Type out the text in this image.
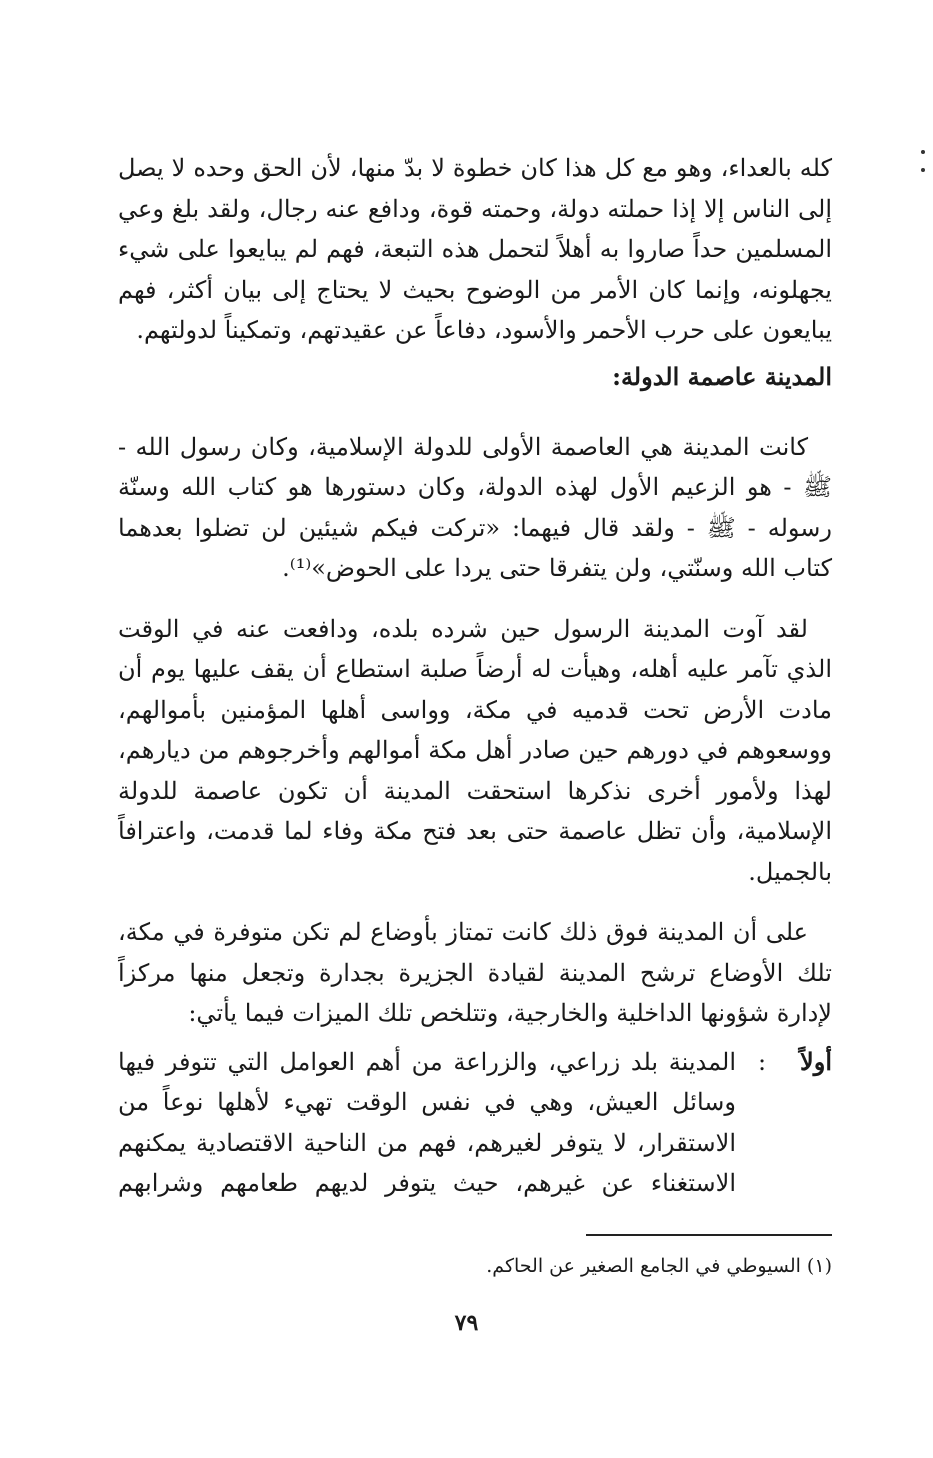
كله بالعداء، وهو مع كل هذا كان خطوة لا بدّ منها، لأن الحق وحده لا يصل إلى الناس إلا إذا حملته دولة، وحمته قوة، ودافع عنه رجال، ولقد بلغ وعي المسلمين حداً صاروا به أهلاً لتحمل هذه التبعة، فهم لم يبايعوا على شيء يجهلونه، وإنما كان الأمر من الوضوح بحيث لا يحتاج إلى بيان أكثر، فهم يبايعون على حرب الأحمر والأسود، دفاعاً عن عقيدتهم، وتمكيناً لدولتهم.

المدينة عاصمة الدولة:

كانت المدينة هي العاصمة الأولى للدولة الإسلامية، وكان رسول الله - ﷺ - هو الزعيم الأول لهذه الدولة، وكان دستورها هو كتاب الله وسنّة رسوله - ﷺ - ولقد قال فيهما: «تركت فيكم شيئين لن تضلوا بعدهما كتاب الله وسنّتي، ولن يتفرقا حتى يردا على الحوض»⁽¹⁾.

لقد آوت المدينة الرسول حين شرده بلده، ودافعت عنه في الوقت الذي تآمر عليه أهله، وهيأت له أرضاً صلبة استطاع أن يقف عليها يوم أن مادت الأرض تحت قدميه في مكة، وواسى أهلها المؤمنين بأموالهم، ووسعوهم في دورهم حين صادر أهل مكة أموالهم وأخرجوهم من ديارهم، لهذا ولأمور أخرى نذكرها استحقت المدينة أن تكون عاصمة للدولة الإسلامية، وأن تظل عاصمة حتى بعد فتح مكة وفاء لما قدمت، واعترافاً بالجميل.

على أن المدينة فوق ذلك كانت تمتاز بأوضاع لم تكن متوفرة في مكة، تلك الأوضاع ترشح المدينة لقيادة الجزيرة بجدارة وتجعل منها مركزاً لإدارة شؤونها الداخلية والخارجية، وتتلخص تلك الميزات فيما يأتي:

أولاً
:
المدينة بلد زراعي، والزراعة من أهم العوامل التي تتوفر فيها وسائل العيش، وهي في نفس الوقت تهيء لأهلها نوعاً من الاستقرار، لا يتوفر لغيرهم، فهم من الناحية الاقتصادية يمكنهم الاستغناء عن غيرهم، حيث يتوفر لديهم طعامهم وشرابهم
(١) السيوطي في الجامع الصغير عن الحاكم.
٧٩
